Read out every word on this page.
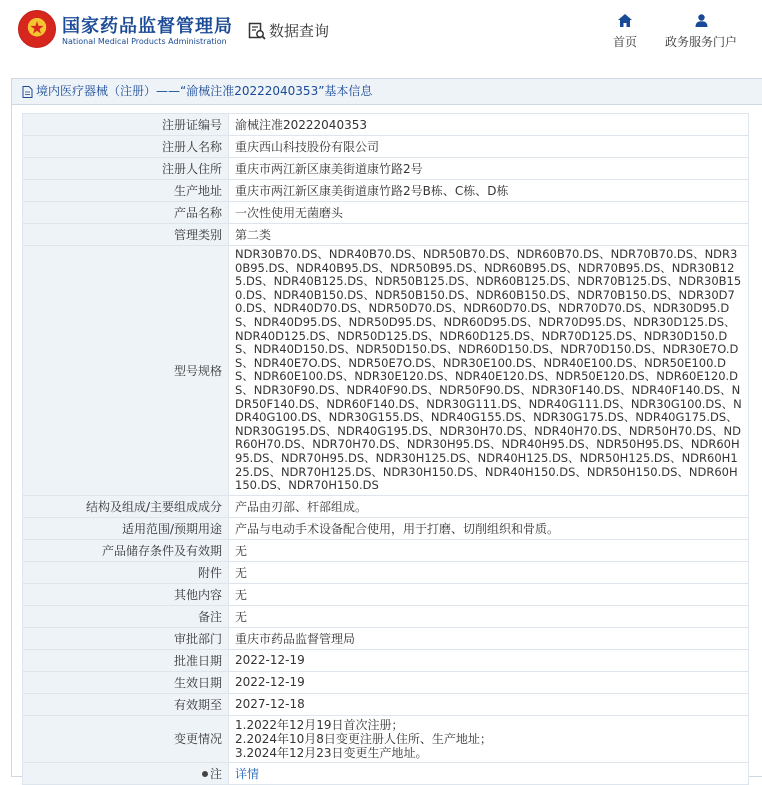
国家药品监督管理局
National Medical Products Administration
数据查询
首页	政务服务门户
境内医疗器械（注册）——“渝械注准20222040353”基本信息
注册证编号	渝械注准20222040353
注册人名称	重庆西山科技股份有限公司
注册人住所	重庆市两江新区康美街道康竹路2号
生产地址	重庆市两江新区康美街道康竹路2号B栋、C栋、D栋
产品名称	一次性使用无菌磨头
管理类别	第二类
型号规格	NDR30B70.DS、NDR40B70.DS、NDR50B70.DS、NDR60B70.DS、NDR70B70.DS、NDR30B95.DS、NDR40B95.DS、NDR50B95.DS、NDR60B95.DS、NDR70B95.DS、NDR30B125.DS、NDR40B125.DS、NDR50B125.DS、NDR60B125.DS、NDR70B125.DS、NDR30B150.DS、NDR40B150.DS、NDR50B150.DS、NDR60B150.DS、NDR70B150.DS、NDR30D70.DS、NDR40D70.DS、NDR50D70.DS、NDR60D70.DS、NDR70D70.DS、NDR30D95.DS、NDR40D95.DS、NDR50D95.DS、NDR60D95.DS、NDR70D95.DS、NDR30D125.DS、NDR40D125.DS、NDR50D125.DS、NDR60D125.DS、NDR70D125.DS、NDR30D150.DS、NDR40D150.DS、NDR50D150.DS、NDR60D150.DS、NDR70D150.DS、NDR30E7O.DS、NDR40E7O.DS、NDR50E7O.DS、NDR30E100.DS、NDR40E100.DS、NDR50E100.DS、NDR60E100.DS、NDR30E120.DS、NDR40E120.DS、NDR50E120.DS、NDR60E120.DS、NDR30F90.DS、NDR40F90.DS、NDR50F90.DS、NDR30F140.DS、NDR40F140.DS、NDR50F140.DS、NDR60F140.DS、NDR30G111.DS、NDR40G111.DS、NDR30G100.DS、NDR40G100.DS、NDR30G155.DS、NDR40G155.DS、NDR30G175.DS、NDR40G175.DS、NDR30G195.DS、NDR40G195.DS、NDR30H70.DS、NDR40H70.DS、NDR50H70.DS、NDR60H70.DS、NDR70H70.DS、NDR30H95.DS、NDR40H95.DS、NDR50H95.DS、NDR60H95.DS、NDR70H95.DS、NDR30H125.DS、NDR40H125.DS、NDR50H125.DS、NDR60H125.DS、NDR70H125.DS、NDR30H150.DS、NDR40H150.DS、NDR50H150.DS、NDR60H150.DS、NDR70H150.DS
结构及组成/主要组成成分	产品由刃部、杆部组成。
适用范围/预期用途	产品与电动手术设备配合使用，用于打磨、切削组织和骨质。
产品储存条件及有效期	无
附件	无
其他内容	无
备注	无
审批部门	重庆市药品监督管理局
批准日期	2022-12-19
生效日期	2022-12-19
有效期至	2027-12-18
变更情况	1.2022年12月19日首次注册；
2.2024年10月8日变更注册人住所、生产地址；
3.2024年12月23日变更生产地址。

注	详情
